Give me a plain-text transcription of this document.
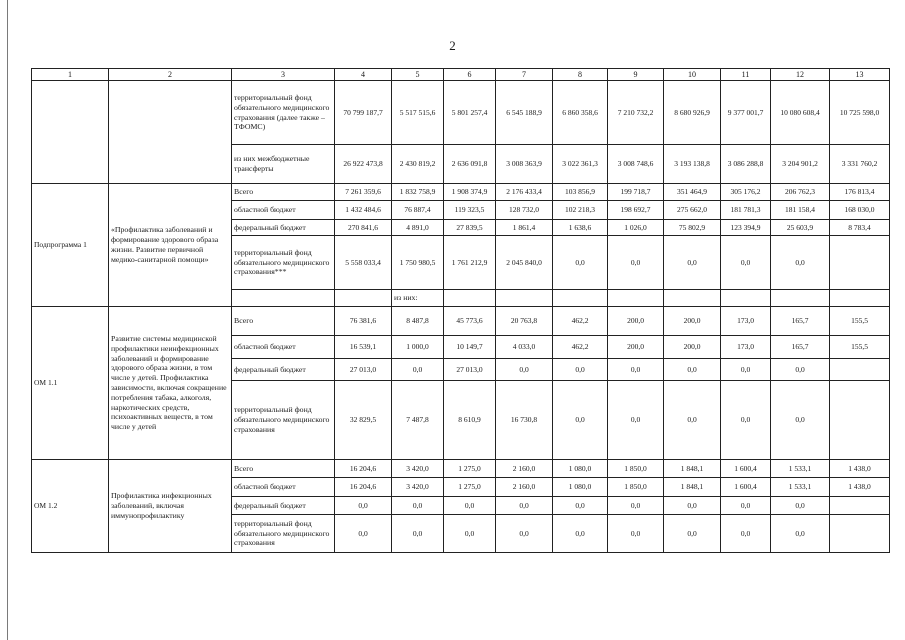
2
1	2	3	4	5	6	7	8	9	10	11	12	13	
		территориальный фонд обязательного медицинского страхования (далее также – ТФОМС)	70 799 187,7	5 517 515,6	5 801 257,4	6 545 188,9	6 860 358,6	7 210 732,2	8 680 926,9	9 377 001,7	10 080 608,4	10 725 598,0	
		из них межбюджетные трансферты	26 922 473,8	2 430 819,2	2 636 091,8	3 008 363,9	3 022 361,3	3 008 748,6	3 193 138,8	3 086 288,8	3 204 901,2	3 331 760,2	
Подпрограмма 1	«Профилактика заболеваний и формирование здорового образа жизни. Развитие первичной медико-санитарной помощи»	Всего	7 261 359,6	1 832 758,9	1 908 374,9	2 176 433,4	103 856,9	199 718,7	351 464,9	305 176,2	206 762,3	176 813,4	
		областной бюджет	1 432 484,6	76 887,4	119 323,5	128 732,0	102 218,3	198 692,7	275 662,0	181 781,3	181 158,4	168 030,0	
		федеральный бюджет	270 841,6	4 891,0	27 839,5	1 861,4	1 638,6	1 026,0	75 802,9	123 394,9	25 603,9	8 783,4	
		территориальный фонд обязательного медицинского страхования***	5 558 033,4	1 750 980,5	1 761 212,9	2 045 840,0	0,0	0,0	0,0	0,0	0,0		
				из них:										
ОМ 1.1	Развитие системы медицинской профилактики неинфекционных заболеваний и формирование здорового образа жизни, в том числе у детей. Профилактика зависимости, включая сокращение потребления табака, алкоголя, наркотических средств, психоактивных веществ, в том числе у детей	Всего	76 381,6	8 487,8	45 773,6	20 763,8	462,2	200,0	200,0	173,0	165,7	155,5	
		областной бюджет	16 539,1	1 000,0	10 149,7	4 033,0	462,2	200,0	200,0	173,0	165,7	155,5	
		федеральный бюджет	27 013,0	0,0	27 013,0	0,0	0,0	0,0	0,0	0,0	0,0		
		территориальный фонд обязательного медицинского страхования	32 829,5	7 487,8	8 610,9	16 730,8	0,0	0,0	0,0	0,0	0,0		
ОМ 1.2	Профилактика инфекционных заболеваний, включая иммунопрофилактику	Всего	16 204,6	3 420,0	1 275,0	2 160,0	1 080,0	1 850,0	1 848,1	1 600,4	1 533,1	1 438,0	
		областной бюджет	16 204,6	3 420,0	1 275,0	2 160,0	1 080,0	1 850,0	1 848,1	1 600,4	1 533,1	1 438,0	
		федеральный бюджет	0,0	0,0	0,0	0,0	0,0	0,0	0,0	0,0	0,0		
		территориальный фонд обязательного медицинского страхования	0,0	0,0	0,0	0,0	0,0	0,0	0,0	0,0	0,0		
